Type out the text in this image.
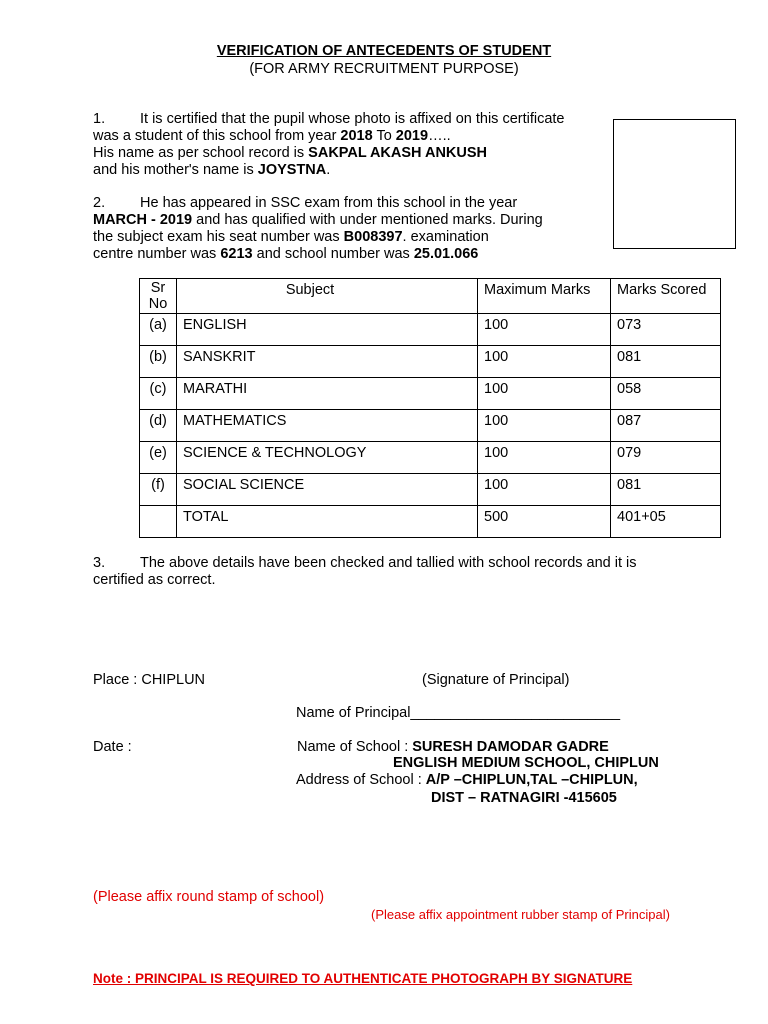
VERIFICATION OF ANTECEDENTS OF STUDENT
(FOR ARMY RECRUITMENT PURPOSE)
1. It is certified that the pupil whose photo is affixed on this certificate
was a student of this school from year 2018 To 2019…..
His name as per school record is SAKPAL AKASH ANKUSH
and his mother's name is JOYSTNA.
2. He has appeared in SSC exam from this school in the year
MARCH - 2019 and has qualified with under mentioned marks. During
the subject exam his seat number was B008397. examination
centre number was 6213 and school number was 25.01.066
Sr No	Subject	Maximum Marks	Marks Scored
(a)	ENGLISH	100	073
(b)	SANSKRIT	100	081
(c)	MARATHI	100	058
(d)	MATHEMATICS	100	087
(e)	SCIENCE & TECHNOLOGY	100	079
(f)	SOCIAL SCIENCE	100	081
	TOTAL	500	401+05
3. The above details have been checked and tallied with school records and it is
certified as correct.
Place : CHIPLUN	(Signature of Principal)
Name of Principal__________________________
Date :	Name of School : SURESH DAMODAR GADRE
ENGLISH MEDIUM SCHOOL, CHIPLUN
Address of School : A/P –CHIPLUN,TAL –CHIPLUN,
DIST – RATNAGIRI -415605
(Please affix round stamp of school)
(Please affix appointment rubber stamp of Principal)
Note : PRINCIPAL IS REQUIRED TO AUTHENTICATE PHOTOGRAPH BY SIGNATURE
